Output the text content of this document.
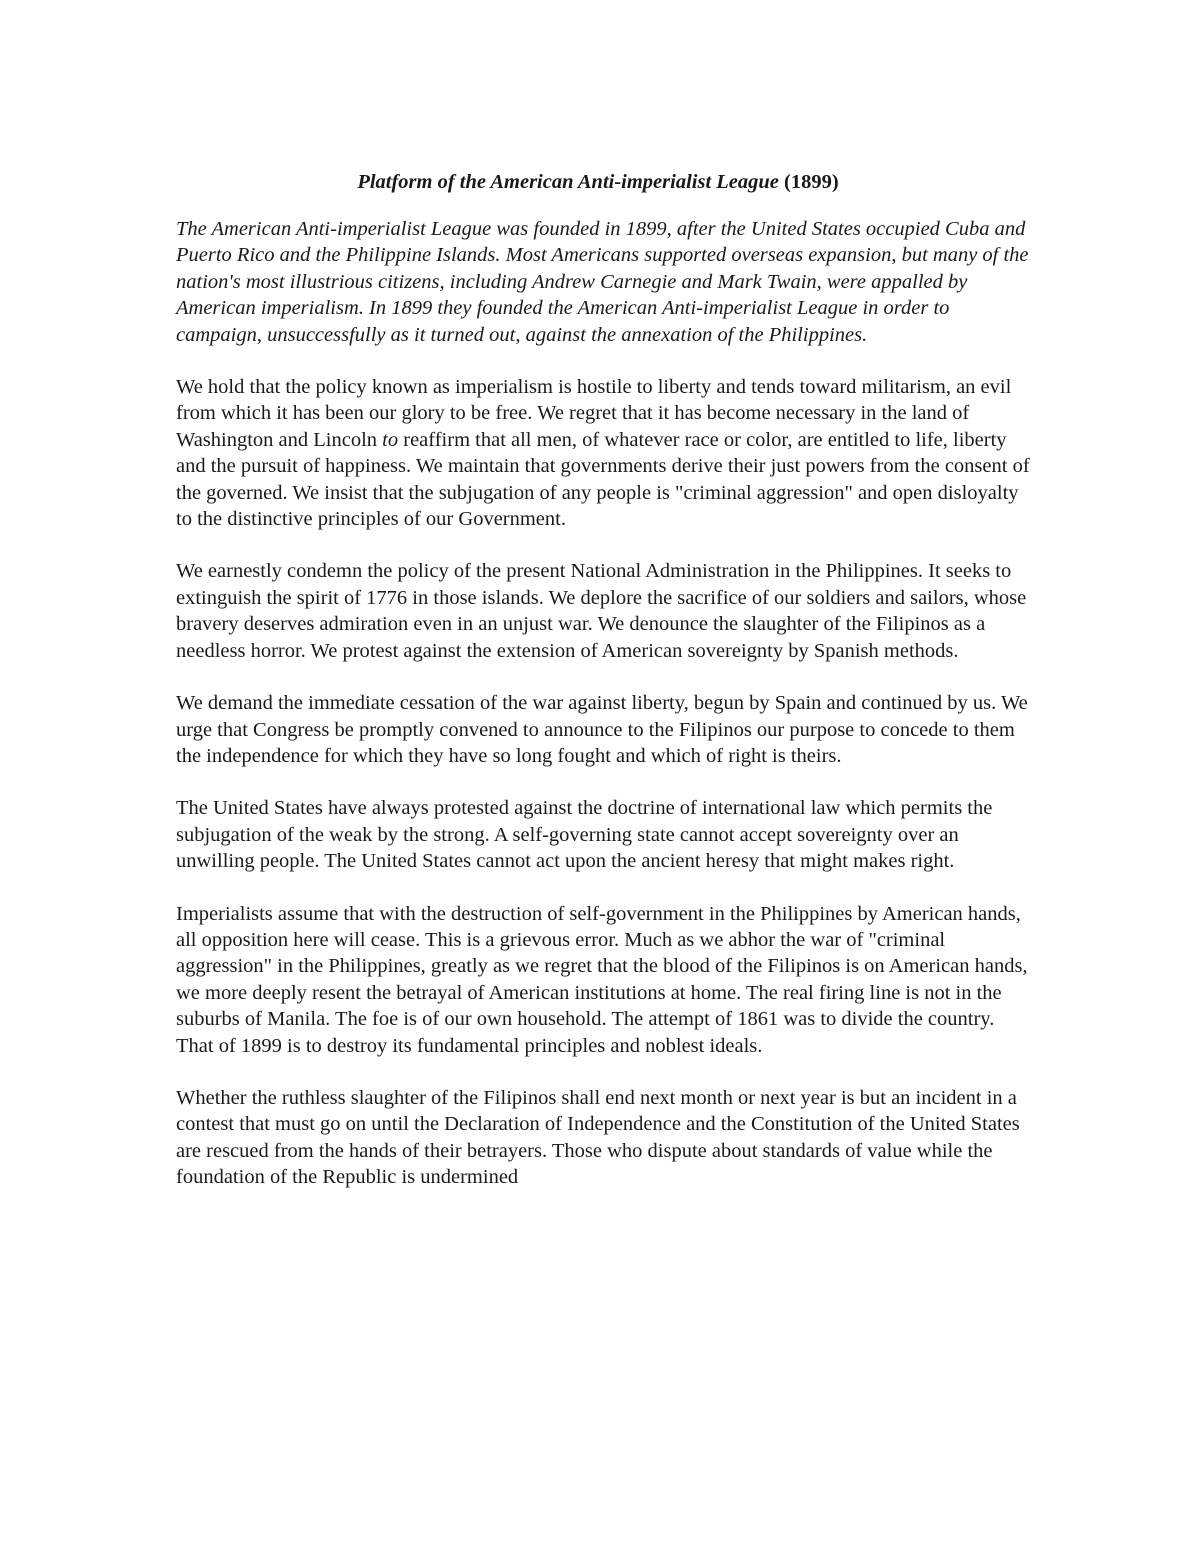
Platform of the American Anti-imperialist League (1899)

The American Anti-imperialist League was founded in 1899, after the United States occupied Cuba and Puerto Rico and the Philippine Islands. Most Americans supported overseas expansion, but many of the nation's most illustrious citizens, including Andrew Carnegie and Mark Twain, were appalled by American imperialism. In 1899 they founded the American Anti-imperialist League in order to campaign, unsuccessfully as it turned out, against the annexation of the Philippines.

We hold that the policy known as imperialism is hostile to liberty and tends toward militarism, an evil from which it has been our glory to be free. We regret that it has become necessary in the land of Washington and Lincoln to reaffirm that all men, of whatever race or color, are entitled to life, liberty and the pursuit of happiness. We maintain that governments derive their just powers from the consent of the governed. We insist that the subjugation of any people is "criminal aggression" and open disloyalty to the distinctive principles of our Government.

We earnestly condemn the policy of the present National Administration in the Philippines. It seeks to extinguish the spirit of 1776 in those islands. We deplore the sacrifice of our soldiers and sailors, whose bravery deserves admiration even in an unjust war. We denounce the slaughter of the Filipinos as a needless horror. We protest against the extension of American sovereignty by Spanish methods.

We demand the immediate cessation of the war against liberty, begun by Spain and continued by us. We urge that Congress be promptly convened to announce to the Filipinos our purpose to concede to them the independence for which they have so long fought and which of right is theirs.

The United States have always protested against the doctrine of international law which permits the subjugation of the weak by the strong. A self-governing state cannot accept sovereignty over an unwilling people. The United States cannot act upon the ancient heresy that might makes right.

Imperialists assume that with the destruction of self-government in the Philippines by American hands, all opposition here will cease. This is a grievous error. Much as we abhor the war of "criminal aggression" in the Philippines, greatly as we regret that the blood of the Filipinos is on American hands, we more deeply resent the betrayal of American institutions at home. The real firing line is not in the suburbs of Manila. The foe is of our own household. The attempt of 1861 was to divide the country. That of 1899 is to destroy its fundamental principles and noblest ideals.

Whether the ruthless slaughter of the Filipinos shall end next month or next year is but an incident in a contest that must go on until the Declaration of Independence and the Constitution of the United States are rescued from the hands of their betrayers. Those who dispute about standards of value while the foundation of the Republic is undermined
